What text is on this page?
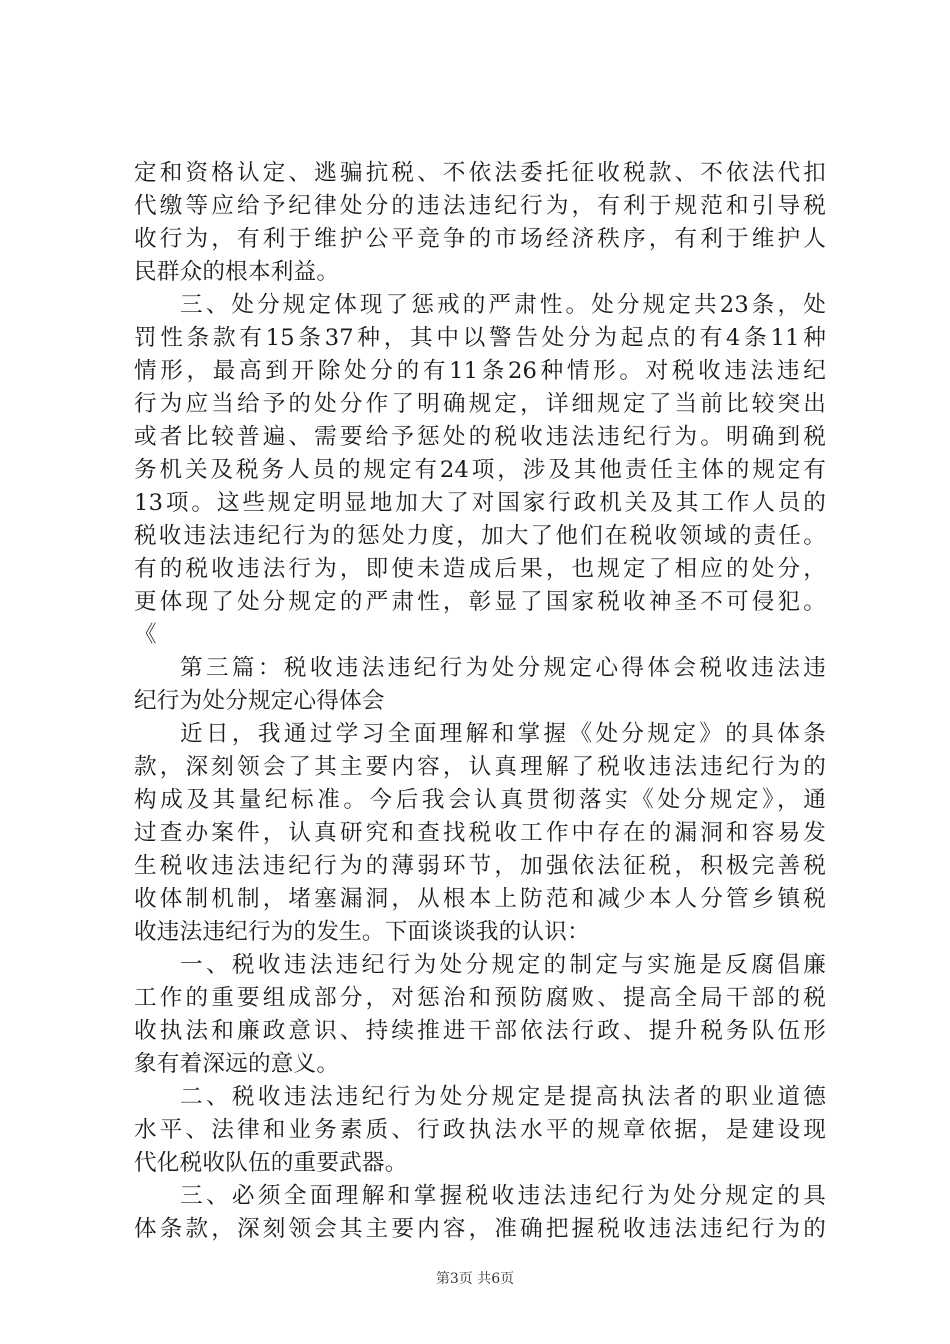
定和资格认定、逃骗抗税、不依法委托征收税款、不依法代扣
代缴等应给予纪律处分的违法违纪行为，有利于规范和引导税
收行为，有利于维护公平竞争的市场经济秩序，有利于维护人
民群众的根本利益。
三、处分规定体现了惩戒的严肃性。处分规定共23条，处
罚性条款有15条37种，其中以警告处分为起点的有4条11种
情形，最高到开除处分的有11条26种情形。对税收违法违纪
行为应当给予的处分作了明确规定，详细规定了当前比较突出
或者比较普遍、需要给予惩处的税收违法违纪行为。明确到税
务机关及税务人员的规定有24项，涉及其他责任主体的规定有
13项。这些规定明显地加大了对国家行政机关及其工作人员的
税收违法违纪行为的惩处力度，加大了他们在税收领域的责任。
有的税收违法行为，即使未造成后果，也规定了相应的处分，
更体现了处分规定的严肃性，彰显了国家税收神圣不可侵犯。
《
第三篇：税收违法违纪行为处分规定心得体会税收违法违
纪行为处分规定心得体会
近日，我通过学习全面理解和掌握《处分规定》的具体条
款，深刻领会了其主要内容，认真理解了税收违法违纪行为的
构成及其量纪标准。今后我会认真贯彻落实《处分规定》，通
过查办案件，认真研究和查找税收工作中存在的漏洞和容易发
生税收违法违纪行为的薄弱环节，加强依法征税，积极完善税
收体制机制，堵塞漏洞，从根本上防范和减少本人分管乡镇税
收违法违纪行为的发生。下面谈谈我的认识：
一、税收违法违纪行为处分规定的制定与实施是反腐倡廉
工作的重要组成部分，对惩治和预防腐败、提高全局干部的税
收执法和廉政意识、持续推进干部依法行政、提升税务队伍形
象有着深远的意义。
二、税收违法违纪行为处分规定是提高执法者的职业道德
水平、法律和业务素质、行政执法水平的规章依据，是建设现
代化税收队伍的重要武器。
三、必须全面理解和掌握税收违法违纪行为处分规定的具
体条款，深刻领会其主要内容，准确把握税收违法违纪行为的
第3页 共6页
